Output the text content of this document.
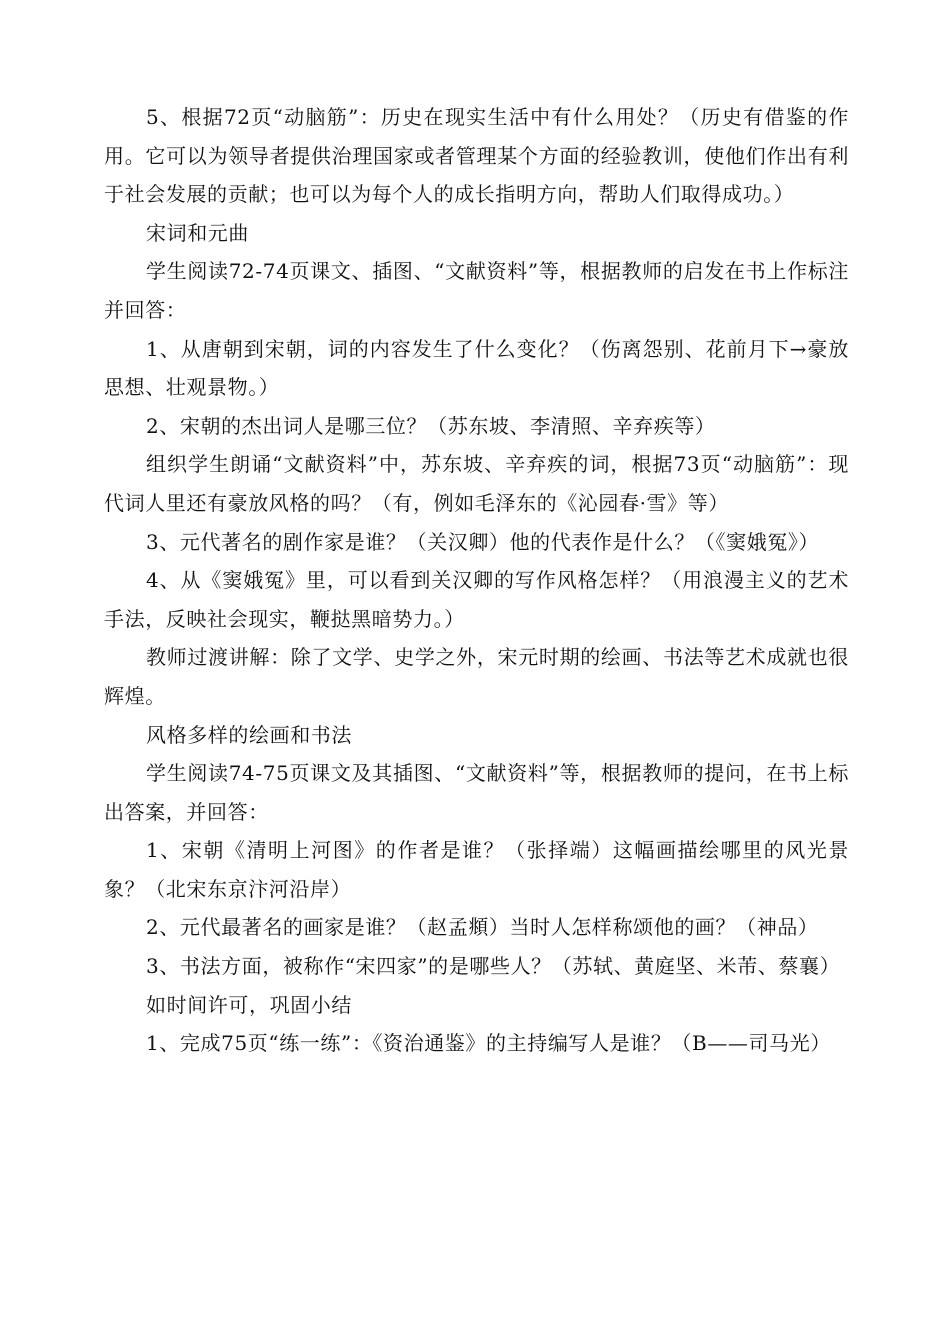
5、根据72页“动脑筋”：历史在现实生活中有什么用处？（历史有借鉴的作用。它可以为领导者提供治理国家或者管理某个方面的经验教训，使他们作出有利于社会发展的贡献；也可以为每个人的成长指明方向，帮助人们取得成功。）

宋词和元曲

学生阅读72-74页课文、插图、“文献资料”等，根据教师的启发在书上作标注并回答：

1、从唐朝到宋朝，词的内容发生了什么变化？（伤离怨别、花前月下→豪放思想、壮观景物。）

2、宋朝的杰出词人是哪三位？（苏东坡、李清照、辛弃疾等）

组织学生朗诵“文献资料”中，苏东坡、辛弃疾的词，根据73页“动脑筋”：现代词人里还有豪放风格的吗？（有，例如毛泽东的《沁园春·雪》等）

3、元代著名的剧作家是谁？（关汉卿）他的代表作是什么？（《窦娥冤》）

4、从《窦娥冤》里，可以看到关汉卿的写作风格怎样？（用浪漫主义的艺术手法，反映社会现实，鞭挞黑暗势力。）

教师过渡讲解：除了文学、史学之外，宋元时期的绘画、书法等艺术成就也很辉煌。

风格多样的绘画和书法

学生阅读74-75页课文及其插图、“文献资料”等，根据教师的提问，在书上标出答案，并回答：

1、宋朝《清明上河图》的作者是谁？（张择端）这幅画描绘哪里的风光景象？（北宋东京汴河沿岸）

2、元代最著名的画家是谁？（赵孟頫）当时人怎样称颂他的画？（神品）

3、书法方面，被称作“宋四家”的是哪些人？（苏轼、黄庭坚、米芾、蔡襄）

如时间许可，巩固小结

1、完成75页“练一练”：《资治通鉴》的主持编写人是谁？（B——司马光）
